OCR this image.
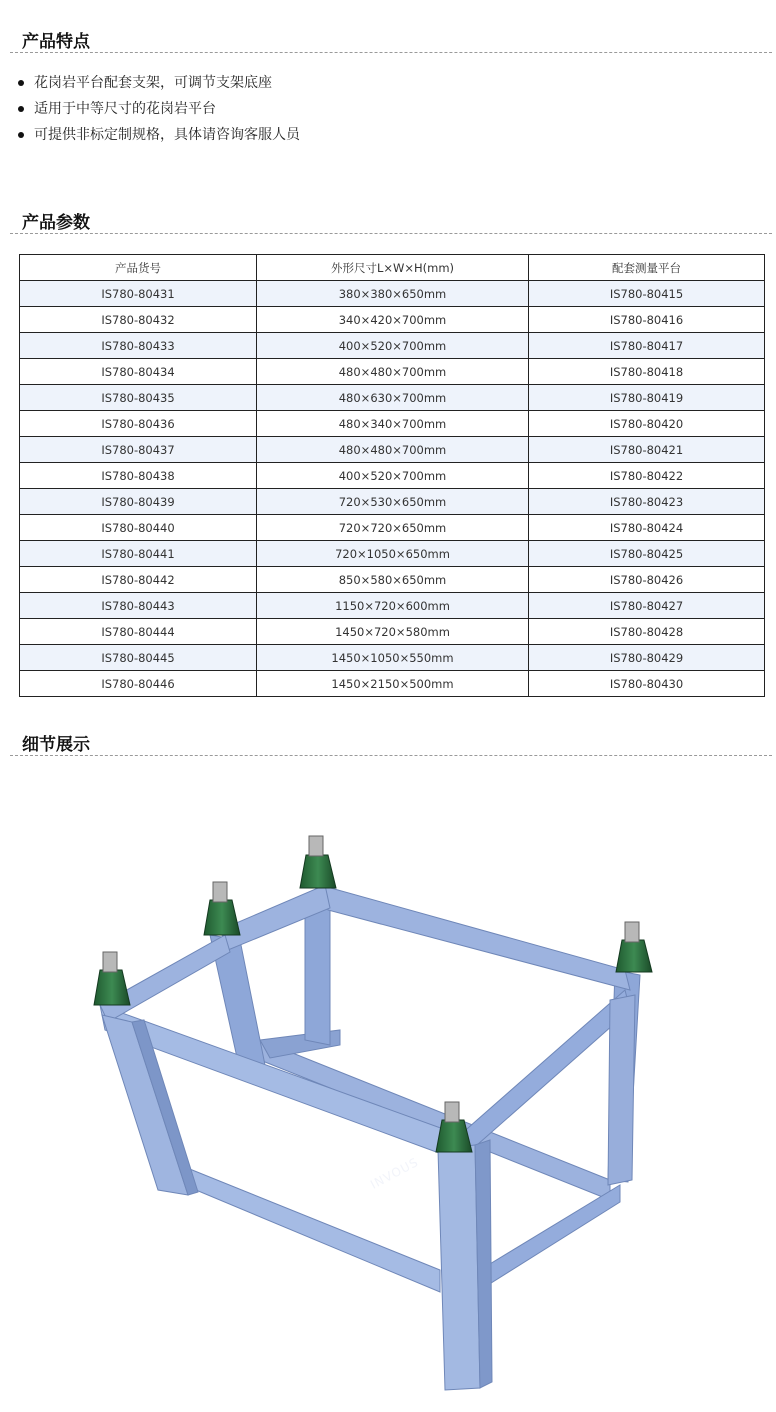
产品特点
花岗岩平台配套支架，可调节支架底座
适用于中等尺寸的花岗岩平台
可提供非标定制规格，具体请咨询客服人员
产品参数
产品货号	外形尺寸L×W×H(mm)	配套测量平台
IS780-80431	380×380×650mm	IS780-80415
IS780-80432	340×420×700mm	IS780-80416
IS780-80433	400×520×700mm	IS780-80417
IS780-80434	480×480×700mm	IS780-80418
IS780-80435	480×630×700mm	IS780-80419
IS780-80436	480×340×700mm	IS780-80420
IS780-80437	480×480×700mm	IS780-80421
IS780-80438	400×520×700mm	IS780-80422
IS780-80439	720×530×650mm	IS780-80423
IS780-80440	720×720×650mm	IS780-80424
IS780-80441	720×1050×650mm	IS780-80425
IS780-80442	850×580×650mm	IS780-80426
IS780-80443	1150×720×600mm	IS780-80427
IS780-80444	1450×720×580mm	IS780-80428
IS780-80445	1450×1050×550mm	IS780-80429
IS780-80446	1450×2150×500mm	IS780-80430
细节展示
INVOUS
